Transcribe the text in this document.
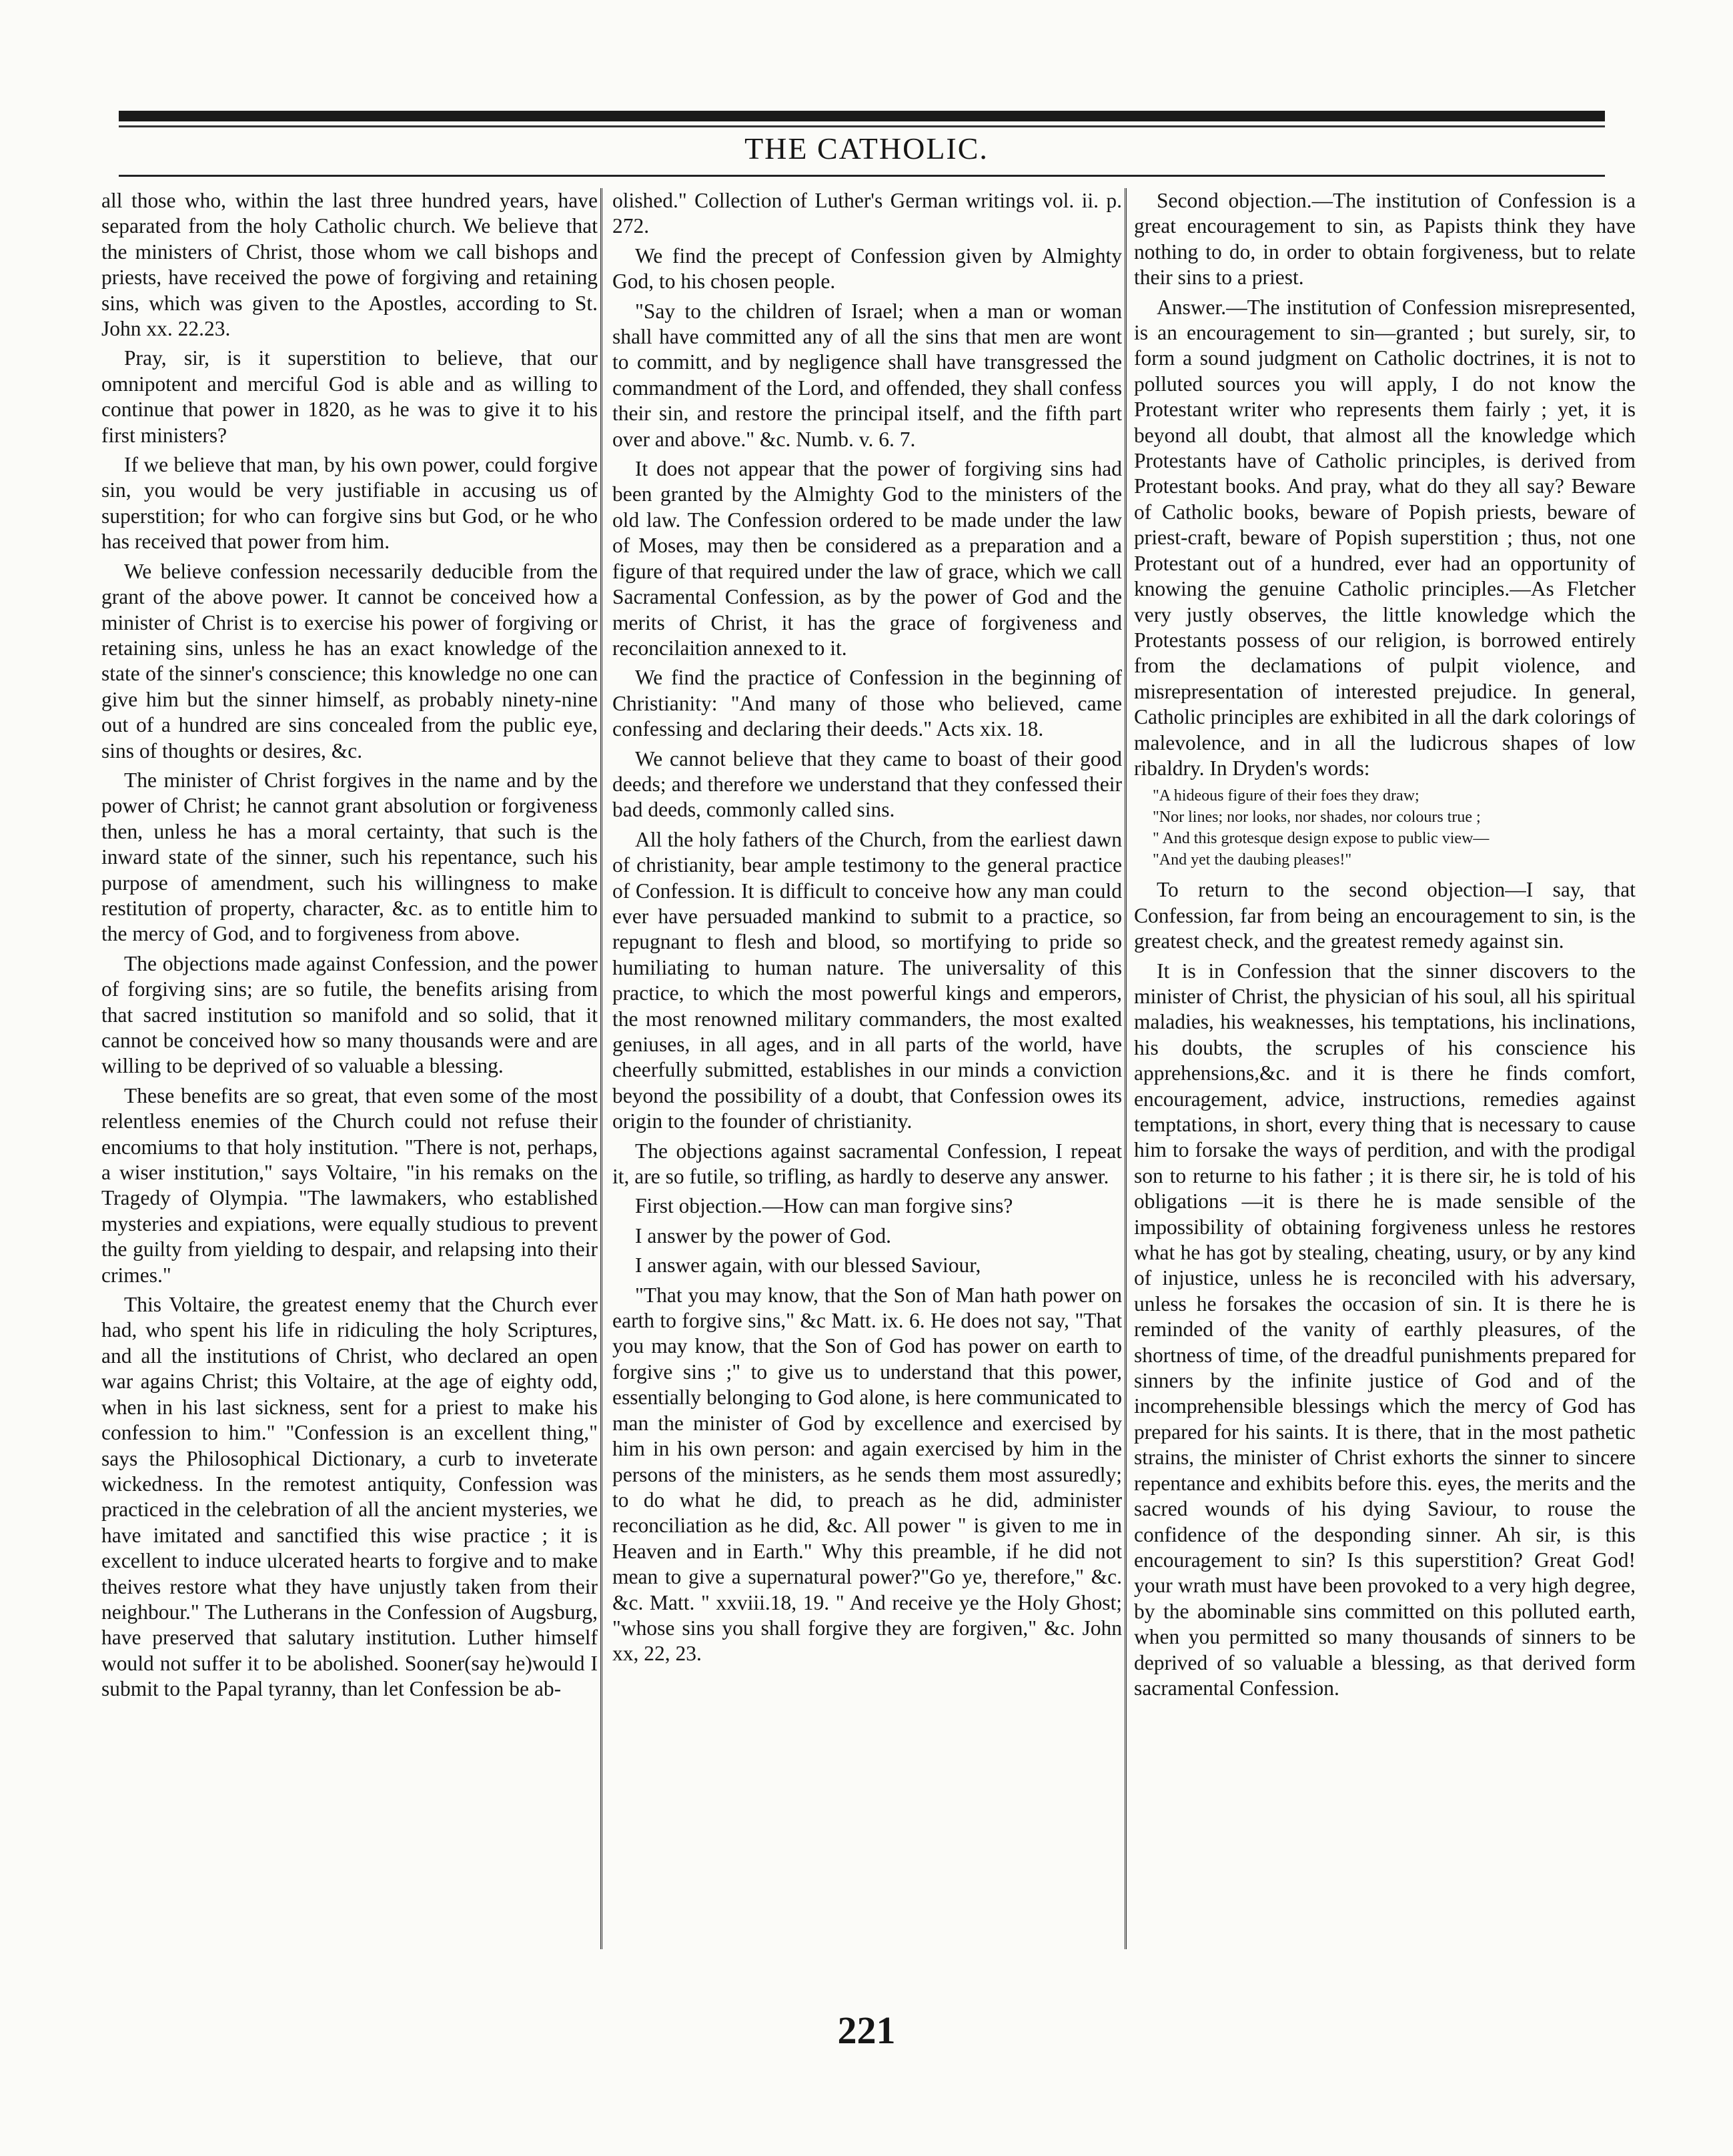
THE CATHOLIC.

all those who, within the last three hundred years, have separated from the holy Catholic church. We believe that the ministers of Christ, those whom we call bishops and priests, have received the powe of forgiving and retaining sins, which was given to the Apostles, according to St. John xx. 22.23.

Pray, sir, is it superstition to believe, that our omnipotent and merciful God is able and as willing to continue that power in 1820, as he was to give it to his first ministers?

If we believe that man, by his own power, could forgive sin, you would be very justifiable in accusing us of superstition; for who can forgive sins but God, or he who has received that power from him.

We believe confession necessarily deducible from the grant of the above power. It cannot be conceived how a minister of Christ is to exercise his power of forgiving or retaining sins, unless he has an exact knowledge of the state of the sinner's conscience; this knowledge no one can give him but the sinner himself, as probably ninety-nine out of a hundred are sins concealed from the public eye, sins of thoughts or desires, &c.

The minister of Christ forgives in the name and by the power of Christ; he cannot grant absolution or forgiveness then, unless he has a moral certainty, that such is the inward state of the sinner, such his repentance, such his purpose of amendment, such his willingness to make restitution of property, character, &c. as to entitle him to the mercy of God, and to forgiveness from above.

The objections made against Confession, and the power of forgiving sins; are so futile, the benefits arising from that sacred institution so manifold and so solid, that it cannot be conceived how so many thousands were and are willing to be deprived of so valuable a blessing.

These benefits are so great, that even some of the most relentless enemies of the Church could not refuse their encomiums to that holy institution. "There is not, perhaps, a wiser institution," says Voltaire, "in his remaks on the Tragedy of Olympia. "The lawmakers, who established mysteries and expiations, were equally studious to prevent the guilty from yielding to despair, and relapsing into their crimes."

This Voltaire, the greatest enemy that the Church ever had, who spent his life in ridiculing the holy Scriptures, and all the institutions of Christ, who declared an open war agains Christ; this Voltaire, at the age of eighty odd, when in his last sickness, sent for a priest to make his confession to him." "Confession is an excellent thing," says the Philosophical Dictionary, a curb to inveterate wickedness. In the remotest antiquity, Confession was practiced in the celebration of all the ancient mysteries, we have imitated and sanctified this wise practice ; it is excellent to induce ulcerated hearts to forgive and to make theives restore what they have unjustly taken from their neighbour." The Lutherans in the Confession of Augsburg, have preserved that salutary institution. Luther himself would not suffer it to be abolished. Sooner(say he)would I submit to the Papal tyranny, than let Confession be ab-

olished." Collection of Luther's German writings vol. ii. p. 272.

We find the precept of Confession given by Almighty God, to his chosen people.

"Say to the children of Israel; when a man or woman shall have committed any of all the sins that men are wont to committ, and by negligence shall have transgressed the commandment of the Lord, and offended, they shall confess their sin, and restore the principal itself, and the fifth part over and above." &c. Numb. v. 6. 7.

It does not appear that the power of forgiving sins had been granted by the Almighty God to the ministers of the old law. The Confession ordered to be made under the law of Moses, may then be considered as a preparation and a figure of that required under the law of grace, which we call Sacramental Confession, as by the power of God and the merits of Christ, it has the grace of forgiveness and reconcilaition annexed to it.

We find the practice of Confession in the beginning of Christianity: "And many of those who believed, came confessing and declaring their deeds." Acts xix. 18.

We cannot believe that they came to boast of their good deeds; and therefore we understand that they confessed their bad deeds, commonly called sins.

All the holy fathers of the Church, from the earliest dawn of christianity, bear ample testimony to the general practice of Confession. It is difficult to conceive how any man could ever have persuaded mankind to submit to a practice, so repugnant to flesh and blood, so mortifying to pride so humiliating to human nature. The universality of this practice, to which the most powerful kings and emperors, the most renowned military commanders, the most exalted geniuses, in all ages, and in all parts of the world, have cheerfully submitted, establishes in our minds a conviction beyond the possibility of a doubt, that Confession owes its origin to the founder of christianity.

The objections against sacramental Confession, I repeat it, are so futile, so trifling, as hardly to deserve any answer.

First objection.—How can man forgive sins?

I answer by the power of God.

I answer again, with our blessed Saviour,

"That you may know, that the Son of Man hath power on earth to forgive sins," &c Matt. ix. 6. He does not say, "That you may know, that the Son of God has power on earth to forgive sins ;" to give us to understand that this power, essentially belonging to God alone, is here communicated to man the minister of God by excellence and exercised by him in his own person: and again exercised by him in the persons of the ministers, as he sends them most assuredly; to do what he did, to preach as he did, administer reconciliation as he did, &c. All power " is given to me in Heaven and in Earth." Why this preamble, if he did not mean to give a supernatural power?"Go ye, therefore," &c. &c. Matt. " xxviii.18, 19. " And receive ye the Holy Ghost; "whose sins you shall forgive they are forgiven," &c. John xx, 22, 23.

Second objection.—The institution of Confession is a great encouragement to sin, as Papists think they have nothing to do, in order to obtain forgiveness, but to relate their sins to a priest.

Answer.—The institution of Confession misrepresented, is an encouragement to sin—granted ; but surely, sir, to form a sound judgment on Catholic doctrines, it is not to polluted sources you will apply, I do not know the Protestant writer who represents them fairly ; yet, it is beyond all doubt, that almost all the knowledge which Protestants have of Catholic principles, is derived from Protestant books. And pray, what do they all say? Beware of Catholic books, beware of Popish priests, beware of priest-craft, beware of Popish superstition ; thus, not one Protestant out of a hundred, ever had an opportunity of knowing the genuine Catholic principles.—As Fletcher very justly observes, the little knowledge which the Protestants possess of our religion, is borrowed entirely from the declamations of pulpit violence, and misrepresentation of interested prejudice. In general, Catholic principles are exhibited in all the dark colorings of malevolence, and in all the ludicrous shapes of low ribaldry. In Dryden's words:

"A hideous figure of their foes they draw;
"Nor lines; nor looks, nor shades, nor colours true ;
" And this grotesque design expose to public view—
"And yet the daubing pleases!"

To return to the second objection—I say, that Confession, far from being an encouragement to sin, is the greatest check, and the greatest remedy against sin.

It is in Confession that the sinner discovers to the minister of Christ, the physician of his soul, all his spiritual maladies, his weaknesses, his temptations, his inclinations, his doubts, the scruples of his conscience his apprehensions,&c. and it is there he finds comfort, encouragement, advice, instructions, remedies against temptations, in short, every thing that is necessary to cause him to forsake the ways of perdition, and with the prodigal son to returne to his father ; it is there sir, he is told of his obligations —it is there he is made sensible of the impossibility of obtaining forgiveness unless he restores what he has got by stealing, cheating, usury, or by any kind of injustice, unless he is reconciled with his adversary, unless he forsakes the occasion of sin. It is there he is reminded of the vanity of earthly pleasures, of the shortness of time, of the dreadful punishments prepared for sinners by the infinite justice of God and of the incomprehensible blessings which the mercy of God has prepared for his saints. It is there, that in the most pathetic strains, the minister of Christ exhorts the sinner to sincere repentance and exhibits before this. eyes, the merits and the sacred wounds of his dying Saviour, to rouse the confidence of the desponding sinner. Ah sir, is this encouragement to sin? Is this superstition? Great God! your wrath must have been provoked to a very high degree, by the abominable sins committed on this polluted earth, when you permitted so many thousands of sinners to be deprived of so valuable a blessing, as that derived form sacramental Confession.

221
